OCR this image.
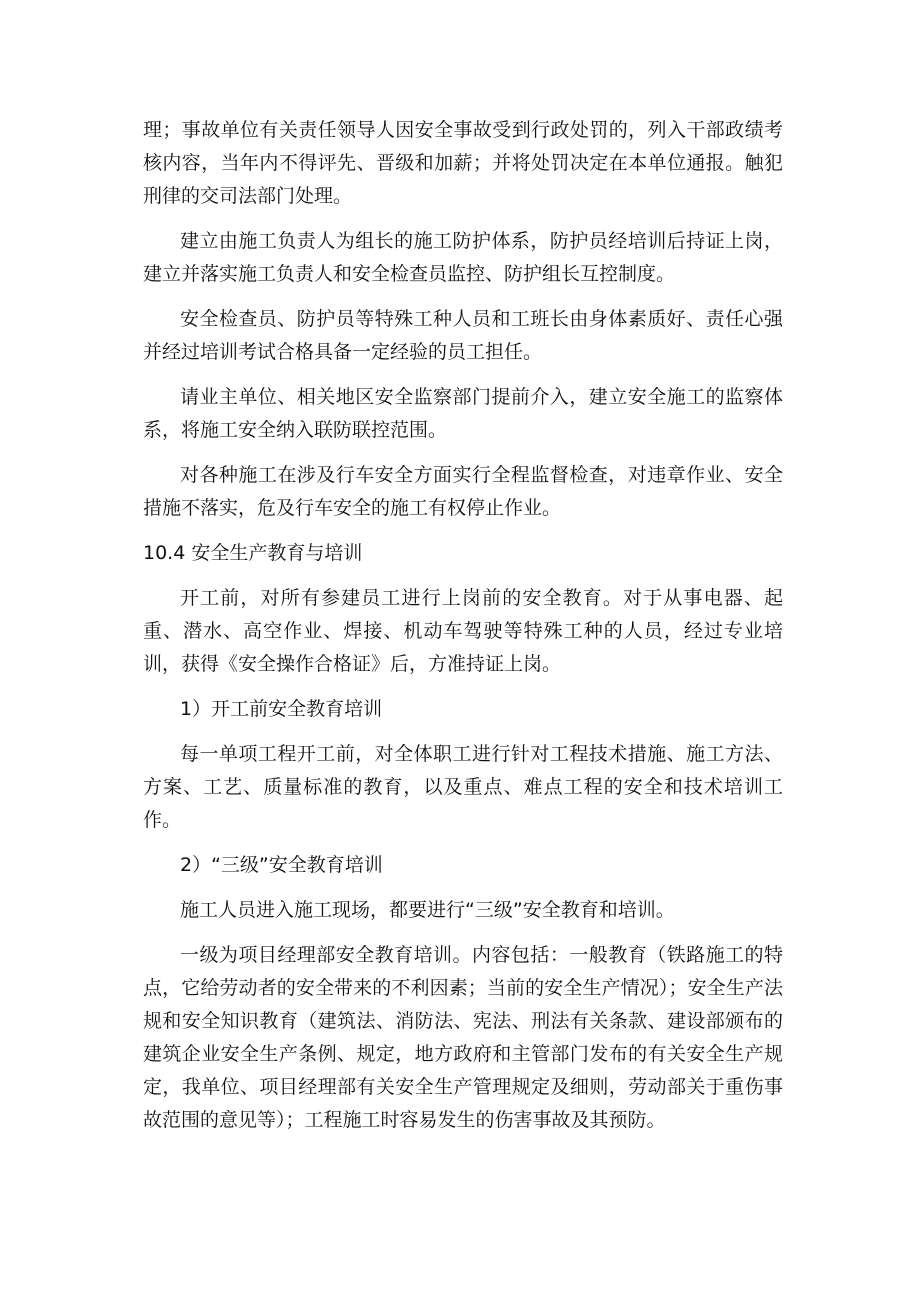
理；事故单位有关责任领导人因安全事故受到行政处罚的，列入干部政绩考核内容，当年内不得评先、晋级和加薪；并将处罚决定在本单位通报。触犯刑律的交司法部门处理。

建立由施工负责人为组长的施工防护体系，防护员经培训后持证上岗，建立并落实施工负责人和安全检查员监控、防护组长互控制度。

安全检查员、防护员等特殊工种人员和工班长由身体素质好、责任心强并经过培训考试合格具备一定经验的员工担任。

请业主单位、相关地区安全监察部门提前介入，建立安全施工的监察体系，将施工安全纳入联防联控范围。

对各种施工在涉及行车安全方面实行全程监督检查，对违章作业、安全措施不落实，危及行车安全的施工有权停止作业。

10.4 安全生产教育与培训

开工前，对所有参建员工进行上岗前的安全教育。对于从事电器、起重、潜水、高空作业、焊接、机动车驾驶等特殊工种的人员，经过专业培训，获得《安全操作合格证》后，方准持证上岗。

1）开工前安全教育培训

每一单项工程开工前，对全体职工进行针对工程技术措施、施工方法、方案、工艺、质量标准的教育，以及重点、难点工程的安全和技术培训工作。

2）“三级”安全教育培训

施工人员进入施工现场，都要进行“三级”安全教育和培训。

一级为项目经理部安全教育培训。内容包括：一般教育（铁路施工的特点，它给劳动者的安全带来的不利因素；当前的安全生产情况）；安全生产法规和安全知识教育（建筑法、消防法、宪法、刑法有关条款、建设部颁布的建筑企业安全生产条例、规定，地方政府和主管部门发布的有关安全生产规定，我单位、项目经理部有关安全生产管理规定及细则，劳动部关于重伤事故范围的意见等）；工程施工时容易发生的伤害事故及其预防。
